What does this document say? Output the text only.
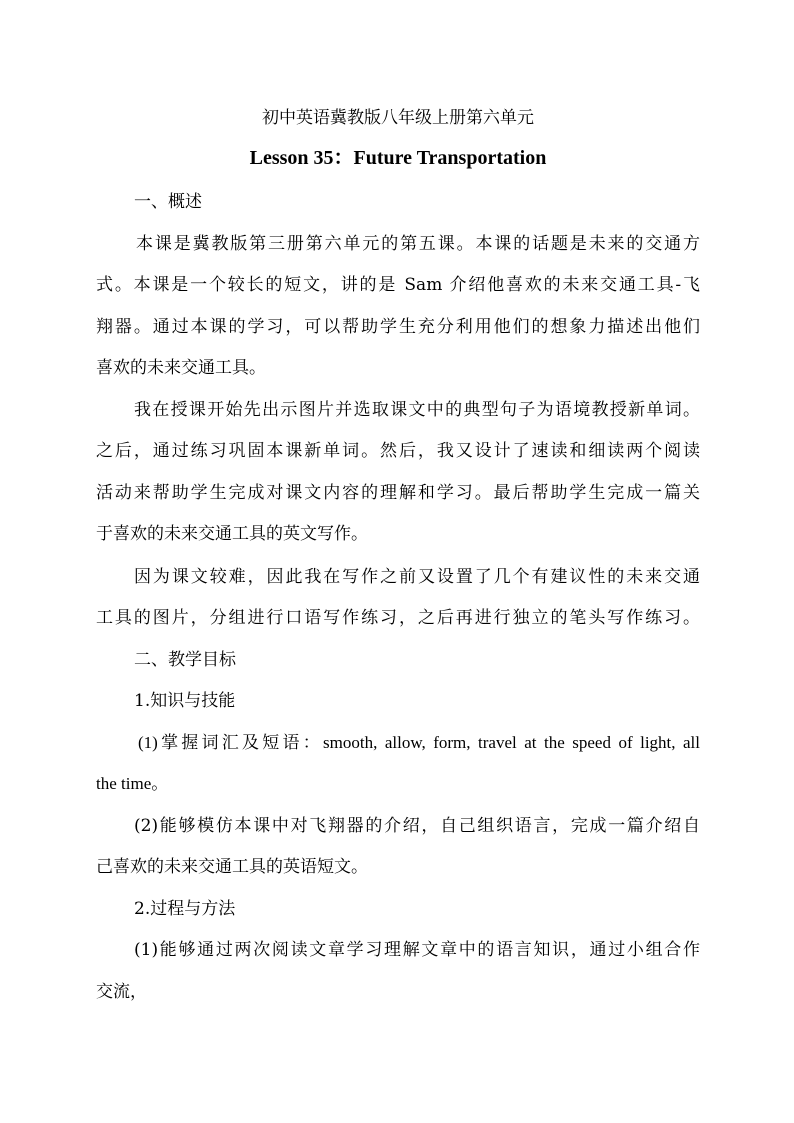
初中英语冀教版八年级上册第六单元
Lesson 35：Future Transportation
一、概述
本课是冀教版第三册第六单元的第五课。本课的话题是未来的交通方
式。本课是一个较长的短文，讲的是 Sam 介绍他喜欢的未来交通工具-飞
翔器。通过本课的学习，可以帮助学生充分利用他们的想象力描述出他们
喜欢的未来交通工具。
我在授课开始先出示图片并选取课文中的典型句子为语境教授新单词。
之后，通过练习巩固本课新单词。然后，我又设计了速读和细读两个阅读
活动来帮助学生完成对课文内容的理解和学习。最后帮助学生完成一篇关
于喜欢的未来交通工具的英文写作。
因为课文较难，因此我在写作之前又设置了几个有建议性的未来交通
工具的图片，分组进行口语写作练习，之后再进行独立的笔头写作练习。
二、教学目标
1.知识与技能
(1)掌握词汇及短语：smooth, allow, form, travel at the speed of light, all
the time。
(2)能够模仿本课中对飞翔器的介绍，自己组织语言，完成一篇介绍自
己喜欢的未来交通工具的英语短文。
2.过程与方法
(1)能够通过两次阅读文章学习理解文章中的语言知识，通过小组合作
交流，
